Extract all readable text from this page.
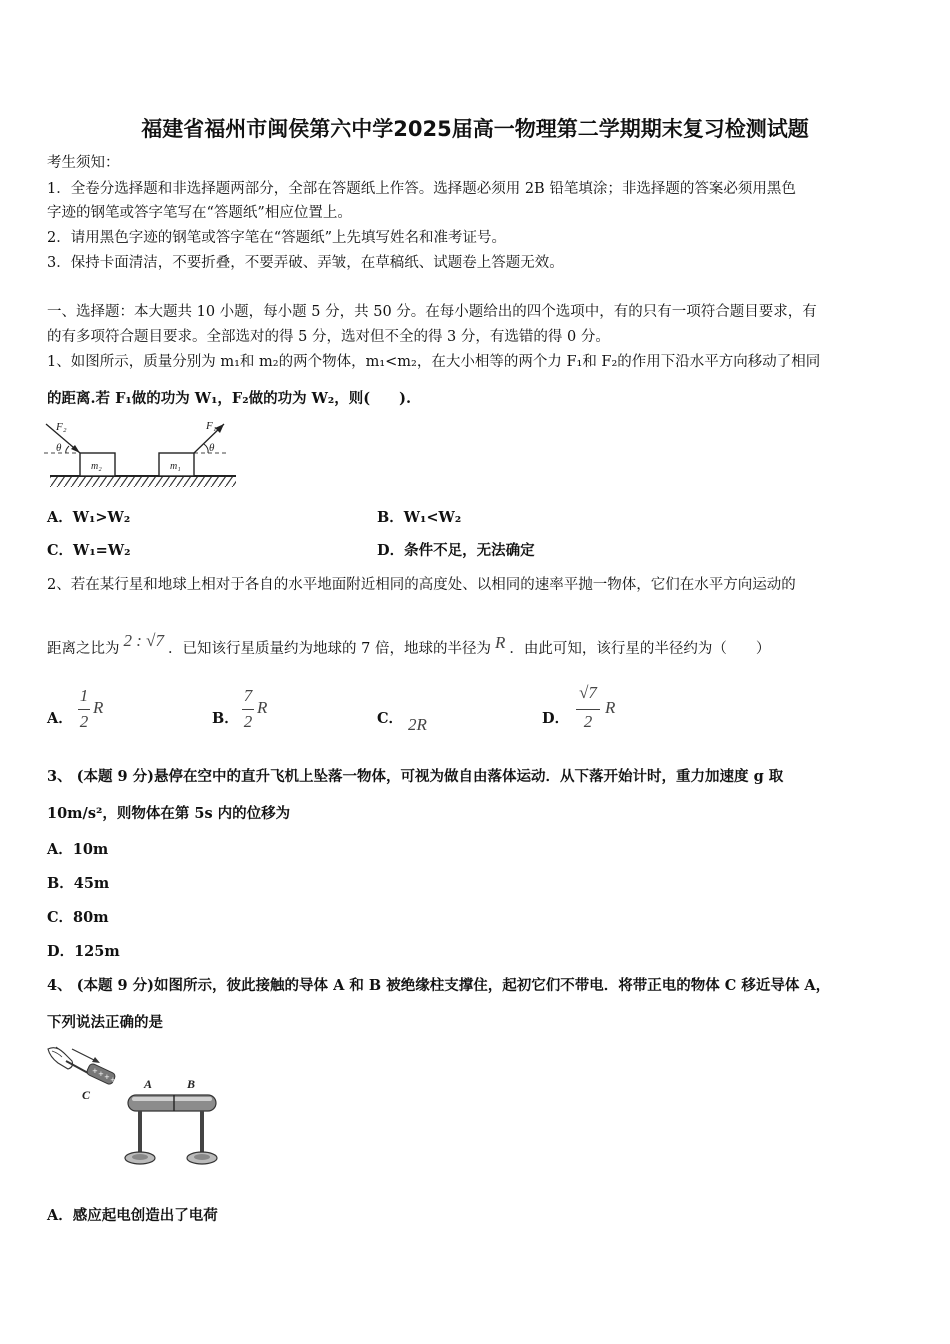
福建省福州市闽侯第六中学2025届高一物理第二学期期末复习检测试题
考生须知：
1．全卷分选择题和非选择题两部分，全部在答题纸上作答。选择题必须用 2B 铅笔填涂；非选择题的答案必须用黑色
字迹的钢笔或答字笔写在“答题纸”相应位置上。
2．请用黑色字迹的钢笔或答字笔在“答题纸”上先填写姓名和准考证号。
3．保持卡面清洁，不要折叠，不要弄破、弄皱，在草稿纸、试题卷上答题无效。
一、选择题：本大题共 10 小题，每小题 5 分，共 50 分。在每小题给出的四个选项中，有的只有一项符合题目要求，有
的有多项符合题目要求。全部选对的得 5 分，选对但不全的得 3 分，有选错的得 0 分。
1、如图所示，质量分别为 m₁和 m₂的两个物体，m₁<m₂，在大小相等的两个力 F₁和 F₂的作用下沿水平方向移动了相同
的距离.若 F₁做的功为 W₁，F₂做的功为 W₂，则(　　).
F₂	F₁
θ	θ
m₂	m₁
A．W₁>W₂	B．W₁<W₂
C．W₁=W₂	D．条件不足，无法确定
2、若在某行星和地球上相对于各自的水平地面附近相同的高度处、以相同的速率平抛一物体，它们在水平方向运动的
距离之比为 2 : √7 ．已知该行星质量约为地球的 7 倍，地球的半径为 R ．由此可知，该行星的半径约为（　　）
A．
1
2
R
B．
7
2
R
C． 2R	D．
√7
2
R
3、 (本题 9 分)悬停在空中的直升飞机上坠落一物体，可视为做自由落体运动．从下落开始计时，重力加速度 g 取
10m/s²，则物体在第 5s 内的位移为
A．10m
B．45m
C．80m
D．125m
4、 (本题 9 分)如图所示，彼此接触的导体 A 和 B 被绝缘柱支撑住，起初它们不带电．将带正电的物体 C 移近导体 A，
下列说法正确的是
+ + + + A	B
C
A．感应起电创造出了电荷
